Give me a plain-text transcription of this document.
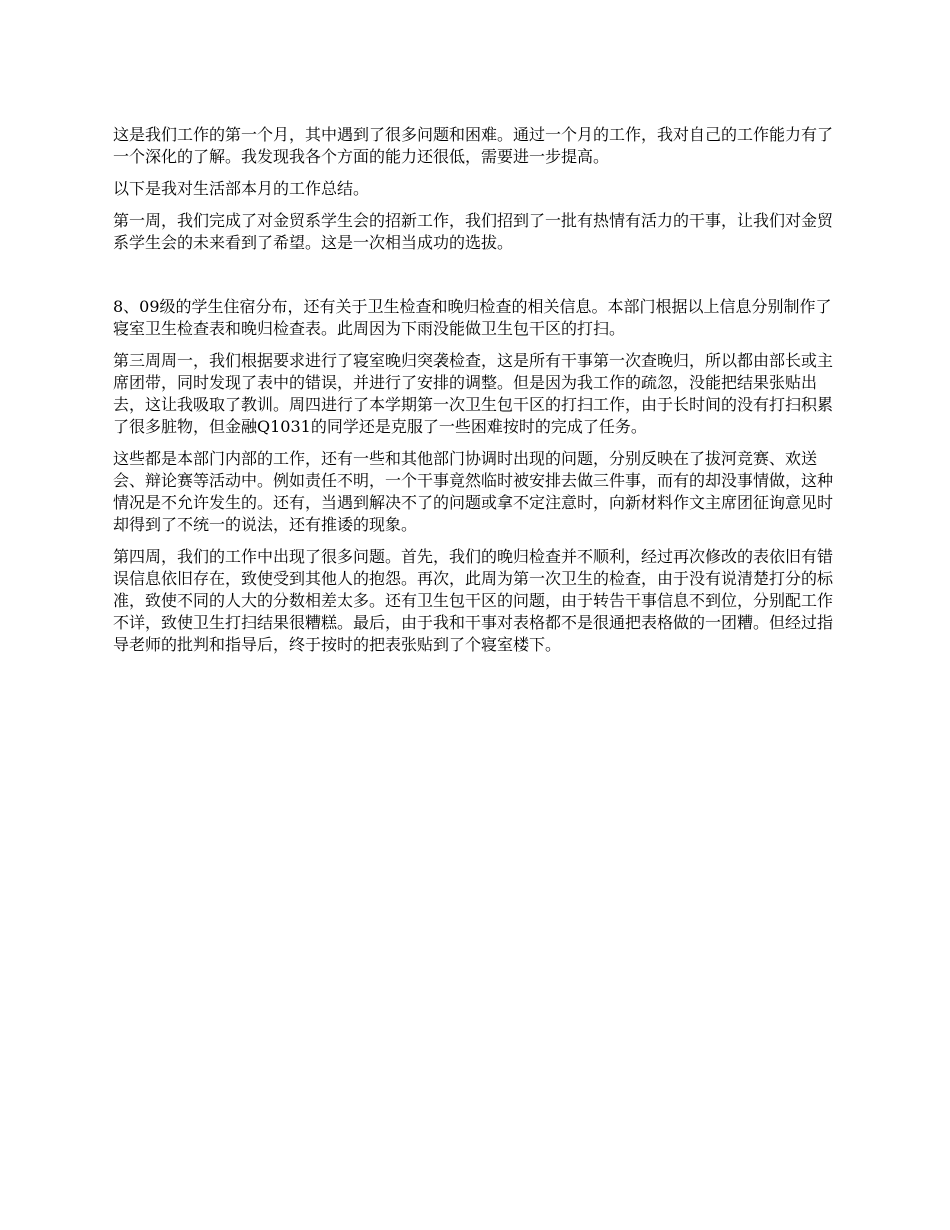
这是我们工作的第一个月，其中遇到了很多问题和困难。通过一个月的工作，我对自己的工作能力有了一个深化的了解。我发现我各个方面的能力还很低，需要进一步提高。

以下是我对生活部本月的工作总结。

第一周，我们完成了对金贸系学生会的招新工作，我们招到了一批有热情有活力的干事，让我们对金贸系学生会的未来看到了希望。这是一次相当成功的选拔。

8、09级的学生住宿分布，还有关于卫生检查和晚归检查的相关信息。本部门根据以上信息分别制作了寝室卫生检查表和晚归检查表。此周因为下雨没能做卫生包干区的打扫。

第三周周一，我们根据要求进行了寝室晚归突袭检查，这是所有干事第一次查晚归，所以都由部长或主席团带，同时发现了表中的错误，并进行了安排的调整。但是因为我工作的疏忽，没能把结果张贴出去，这让我吸取了教训。周四进行了本学期第一次卫生包干区的打扫工作，由于长时间的没有打扫积累了很多脏物，但金融Q1031的同学还是克服了一些困难按时的完成了任务。

这些都是本部门内部的工作，还有一些和其他部门协调时出现的问题，分别反映在了拔河竞赛、欢送会、辩论赛等活动中。例如责任不明，一个干事竟然临时被安排去做三件事，而有的却没事情做，这种情况是不允许发生的。还有，当遇到解决不了的问题或拿不定注意时，向新材料作文主席团征询意见时却得到了不统一的说法，还有推诿的现象。

第四周，我们的工作中出现了很多问题。首先，我们的晚归检查并不顺利，经过再次修改的表依旧有错误信息依旧存在，致使受到其他人的抱怨。再次，此周为第一次卫生的检查，由于没有说清楚打分的标准，致使不同的人大的分数相差太多。还有卫生包干区的问题，由于转告干事信息不到位，分别配工作不详，致使卫生打扫结果很糟糕。最后，由于我和干事对表格都不是很通把表格做的一团糟。但经过指导老师的批判和指导后，终于按时的把表张贴到了个寝室楼下。
